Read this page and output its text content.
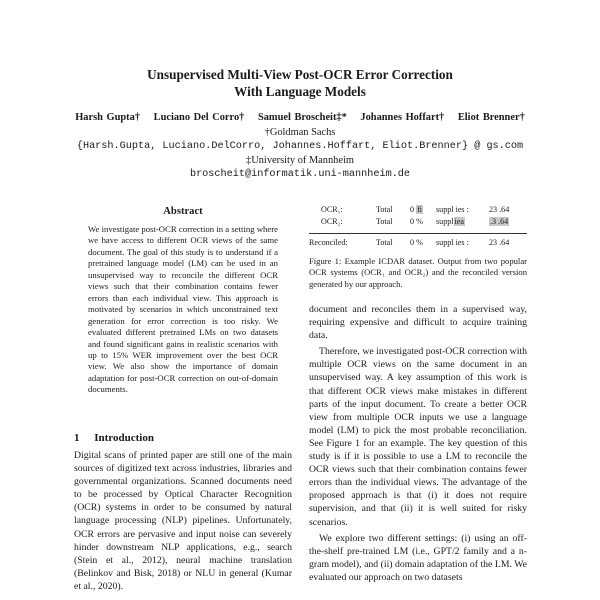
Unsupervised Multi-View Post-OCR Error Correction
With Language Models
Harsh Gupta† Luciano Del Corro† Samuel Broscheit‡* Johannes Hoffart† Eliot Brenner†
†Goldman Sachs
{Harsh.Gupta, Luciano.DelCorro, Johannes.Hoffart, Eliot.Brenner} @ gs.com
‡University of Mannheim
broscheit@informatik.uni-mannheim.de
Abstract
We investigate post-OCR correction in a setting where we have access to different OCR views of the same document. The goal of this study is to understand if a pretrained language model (LM) can be used in an unsupervised way to reconcile the different OCR views such that their combination contains fewer errors than each individual view. This approach is motivated by scenarios in which unconstrained text generation for error correction is too risky. We evaluated different pretrained LMs on two datasets and found significant gains in realistic scenarios with up to 15% WER improvement over the best OCR view. We also show the importance of domain adaptation for post-OCR correction on out-of-domain documents.
1 Introduction
Digital scans of printed paper are still one of the main sources of digitized text across industries, libraries and governmental organizations. Scanned documents need to be processed by Optical Character Recognition (OCR) systems in order to be consumed by natural language processing (NLP) pipelines. Unfortunately, OCR errors are pervasive and input noise can severely hinder downstream NLP applications, e.g., search (Stein et al., 2012), neural machine translation (Belinkov and Bisk, 2018) or NLU in general (Kumar et al., 2020).
OCR₁:	Total 0 fi suppl ies : 23 .64
OCR₂:	Total 0 % suppliea	.3 .64
Reconciled:	Total 0 % suppl ies : 23 .64
Figure 1: Example ICDAR dataset. Output from two popular OCR systems (OCR₁ and OCR₂) and the reconciled version generated by our approach.

document and reconciles them in a supervised way, requiring expensive and difficult to acquire training data.

Therefore, we investigated post-OCR correction with multiple OCR views on the same document in an unsupervised way. A key assumption of this work is that different OCR views make mistakes in different parts of the input document. To create a better OCR view from multiple OCR inputs we use a language model (LM) to pick the most probable reconciliation. See Figure 1 for an example. The key question of this study is if it is possible to use a LM to reconcile the OCR views such that their combination contains fewer errors than the individual views. The advantage of the proposed approach is that (i) it does not require supervision, and that (ii) it is well suited for risky scenarios.

We explore two different settings: (i) using an off-the-shelf pre-trained LM (i.e., GPT/2 family and a n-gram model), and (ii) domain adaptation of the LM. We evaluated our approach on two datasets
